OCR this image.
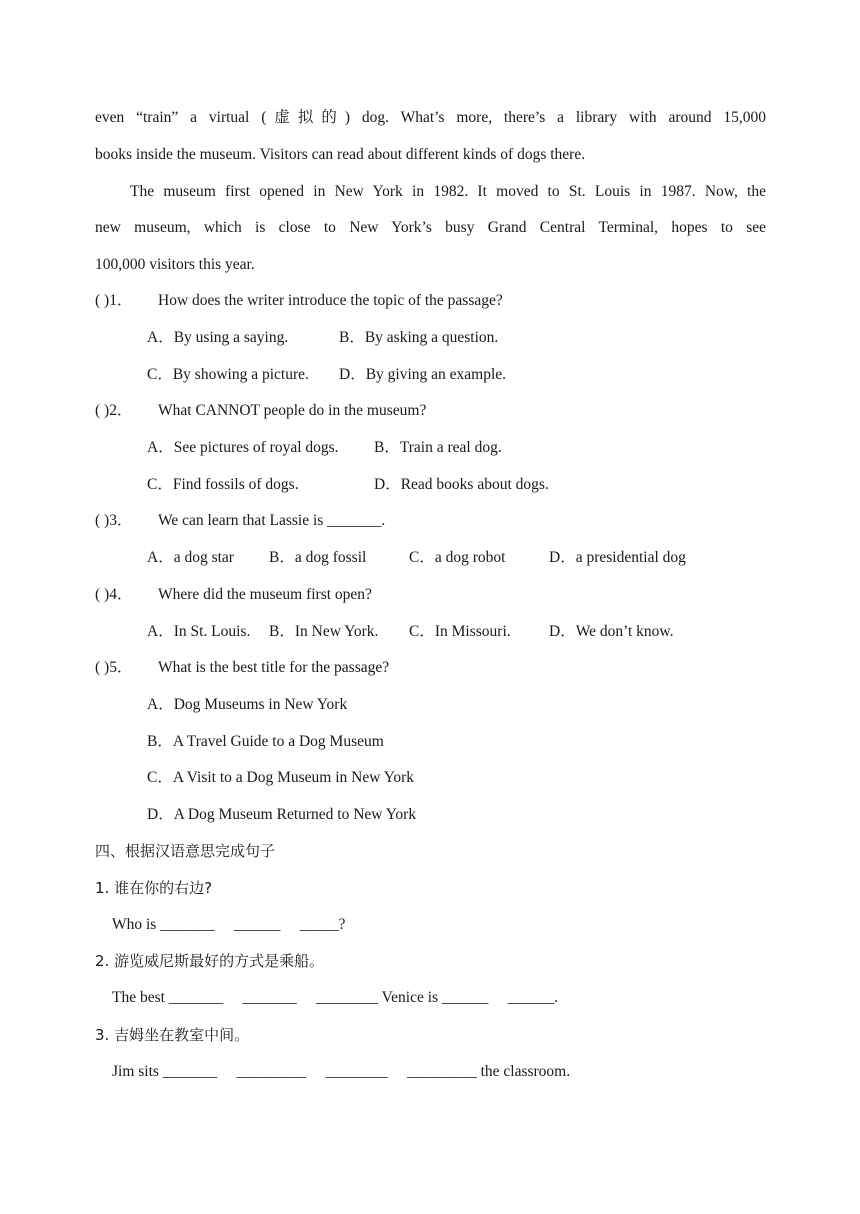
even “train” a virtual (虚拟的) dog. What’s more, there’s a library with around 15,000
books inside the museum. Visitors can read about different kinds of dogs there.
The museum first opened in New York in 1982. It moved to St. Louis in 1987. Now, the
new museum, which is close to New York’s busy Grand Central Terminal, hopes to see
100,000 visitors this year.
( )1． How does the writer introduce the topic of the passage?
A．By using a saying.	B．By asking a question.
C．By showing a picture. D．By giving an example.
( )2． What CANNOT people do in the museum?
A．See pictures of royal dogs. B．Train a real dog.
C．Find fossils of dogs.	D．Read books about dogs.
( )3． We can learn that Lassie is _______.
A．a dog star B．a dog fossil	C．a dog robot	D．a presidential dog
( )4． Where did the museum first open?
A．In St. Louis. B．In New York. C．In Missouri. D．We don’t know.
( )5． What is the best title for the passage?
A．Dog Museums in New York
B．A Travel Guide to a Dog Museum
C．A Visit to a Dog Museum in New York
D．A Dog Museum Returned to New York
四、根据汉语意思完成句子
1. 谁在你的右边?
Who is _______     ______     _____?
2. 游览威尼斯最好的方式是乘船。
The best _______     _______     ________ Venice is ______     ______.
3. 吉姆坐在教室中间。
Jim sits _______     _________     ________     _________ the classroom.
